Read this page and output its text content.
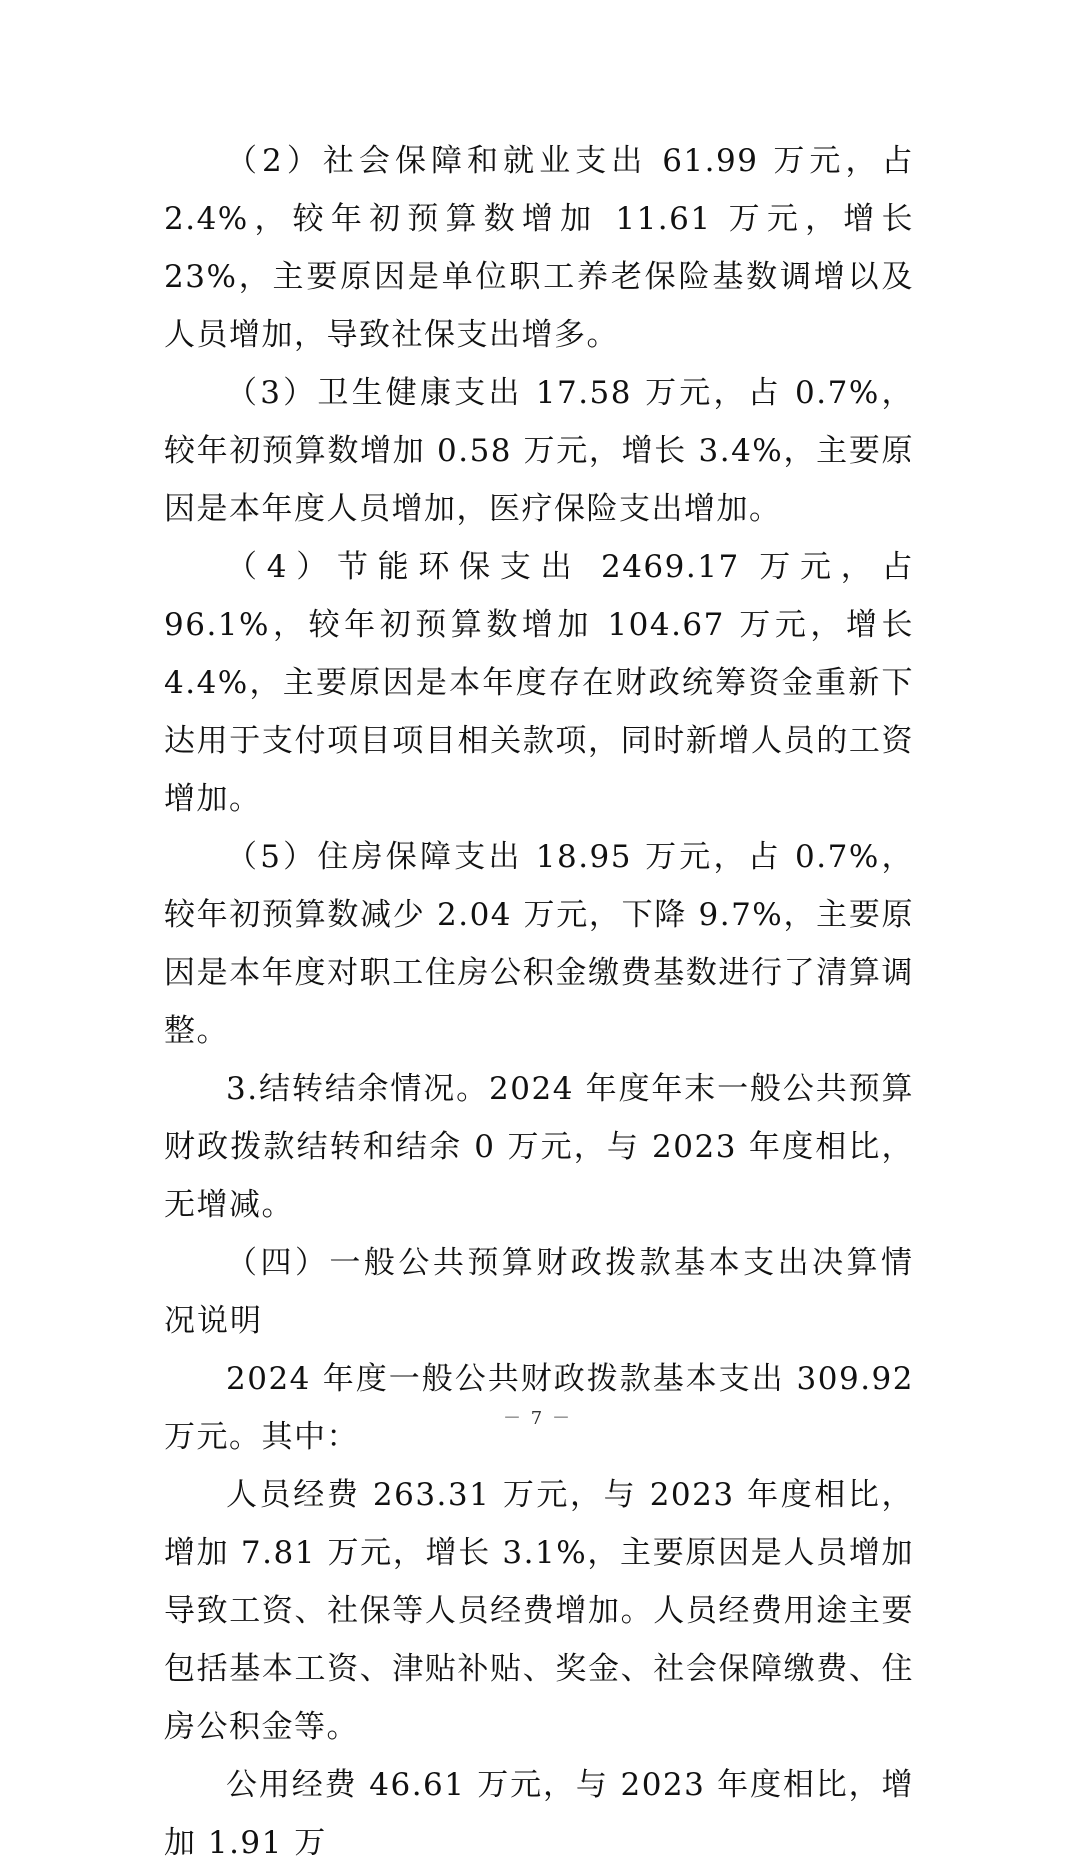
（2）社会保障和就业支出 61.99 万元，占 2.4%，较年初预算数增加 11.61 万元，增长 23%，主要原因是单位职工养老保险基数调增以及人员增加，导致社保支出增多。

（3）卫生健康支出 17.58 万元，占 0.7%，较年初预算数增加 0.58 万元，增长 3.4%，主要原因是本年度人员增加，医疗保险支出增加。

（4）节能环保支出 2469.17 万元，占 96.1%，较年初预算数增加 104.67 万元，增长 4.4%，主要原因是本年度存在财政统筹资金重新下达用于支付项目项目相关款项，同时新增人员的工资增加。

（5）住房保障支出 18.95 万元，占 0.7%，较年初预算数减少 2.04 万元，下降 9.7%，主要原因是本年度对职工住房公积金缴费基数进行了清算调整。

3.结转结余情况。2024 年度年末一般公共预算财政拨款结转和结余 0 万元，与 2023 年度相比，无增减。

（四）一般公共预算财政拨款基本支出决算情况说明

2024 年度一般公共财政拨款基本支出 309.92 万元。其中：

人员经费 263.31 万元，与 2023 年度相比，增加 7.81 万元，增长 3.1%，主要原因是人员增加导致工资、社保等人员经费增加。人员经费用途主要包括基本工资、津贴补贴、奖金、社会保障缴费、住房公积金等。

公用经费 46.61 万元，与 2023 年度相比，增加 1.91 万

－ 7 －
